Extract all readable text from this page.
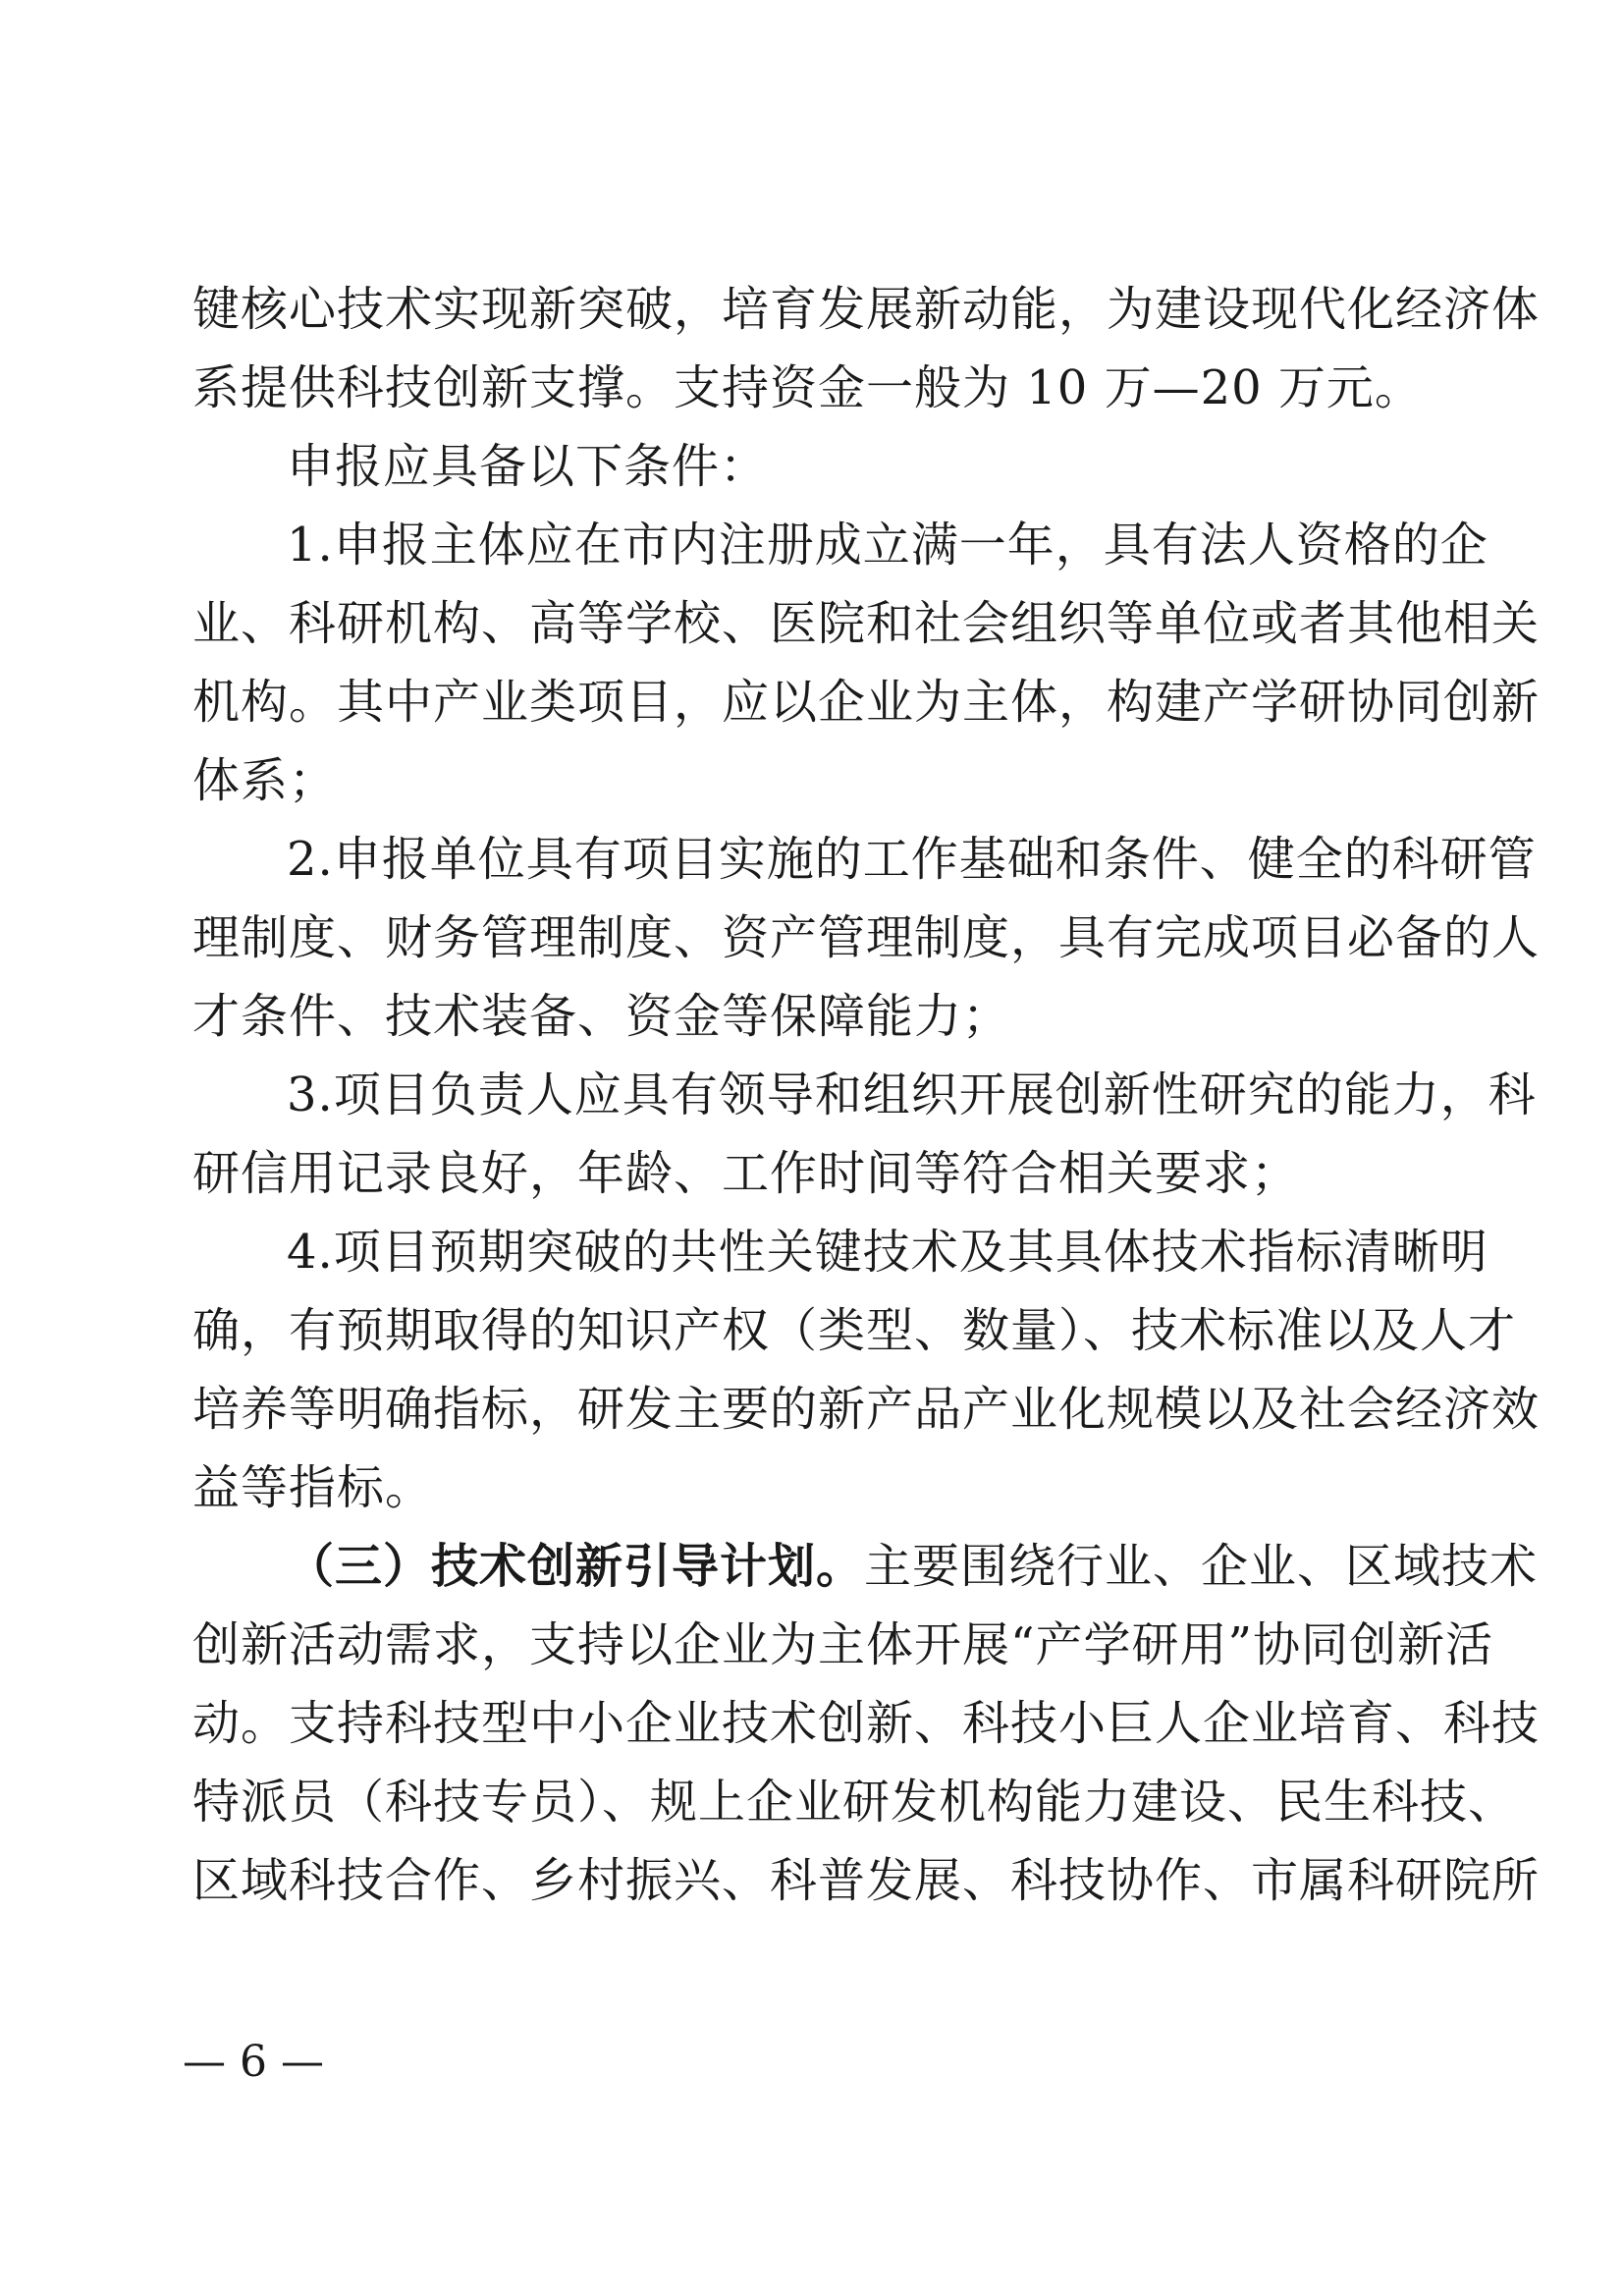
键核心技术实现新突破，培育发展新动能，为建设现代化经济体
系提供科技创新支撑。支持资金一般为 10 万—20 万元。
申报应具备以下条件：
1.申报主体应在市内注册成立满一年，具有法人资格的企
业、科研机构、高等学校、医院和社会组织等单位或者其他相关
机构。其中产业类项目，应以企业为主体，构建产学研协同创新
体系；
2.申报单位具有项目实施的工作基础和条件、健全的科研管
理制度、财务管理制度、资产管理制度，具有完成项目必备的人
才条件、技术装备、资金等保障能力；
3.项目负责人应具有领导和组织开展创新性研究的能力，科
研信用记录良好，年龄、工作时间等符合相关要求；
4.项目预期突破的共性关键技术及其具体技术指标清晰明
确，有预期取得的知识产权（类型、数量）、技术标准以及人才
培养等明确指标，研发主要的新产品产业化规模以及社会经济效
益等指标。
（三）技术创新引导计划。主要围绕行业、企业、区域技术
创新活动需求，支持以企业为主体开展“产学研用”协同创新活
动。支持科技型中小企业技术创新、科技小巨人企业培育、科技
特派员（科技专员）、规上企业研发机构能力建设、民生科技、
区域科技合作、乡村振兴、科普发展、科技协作、市属科研院所
— 6 —
